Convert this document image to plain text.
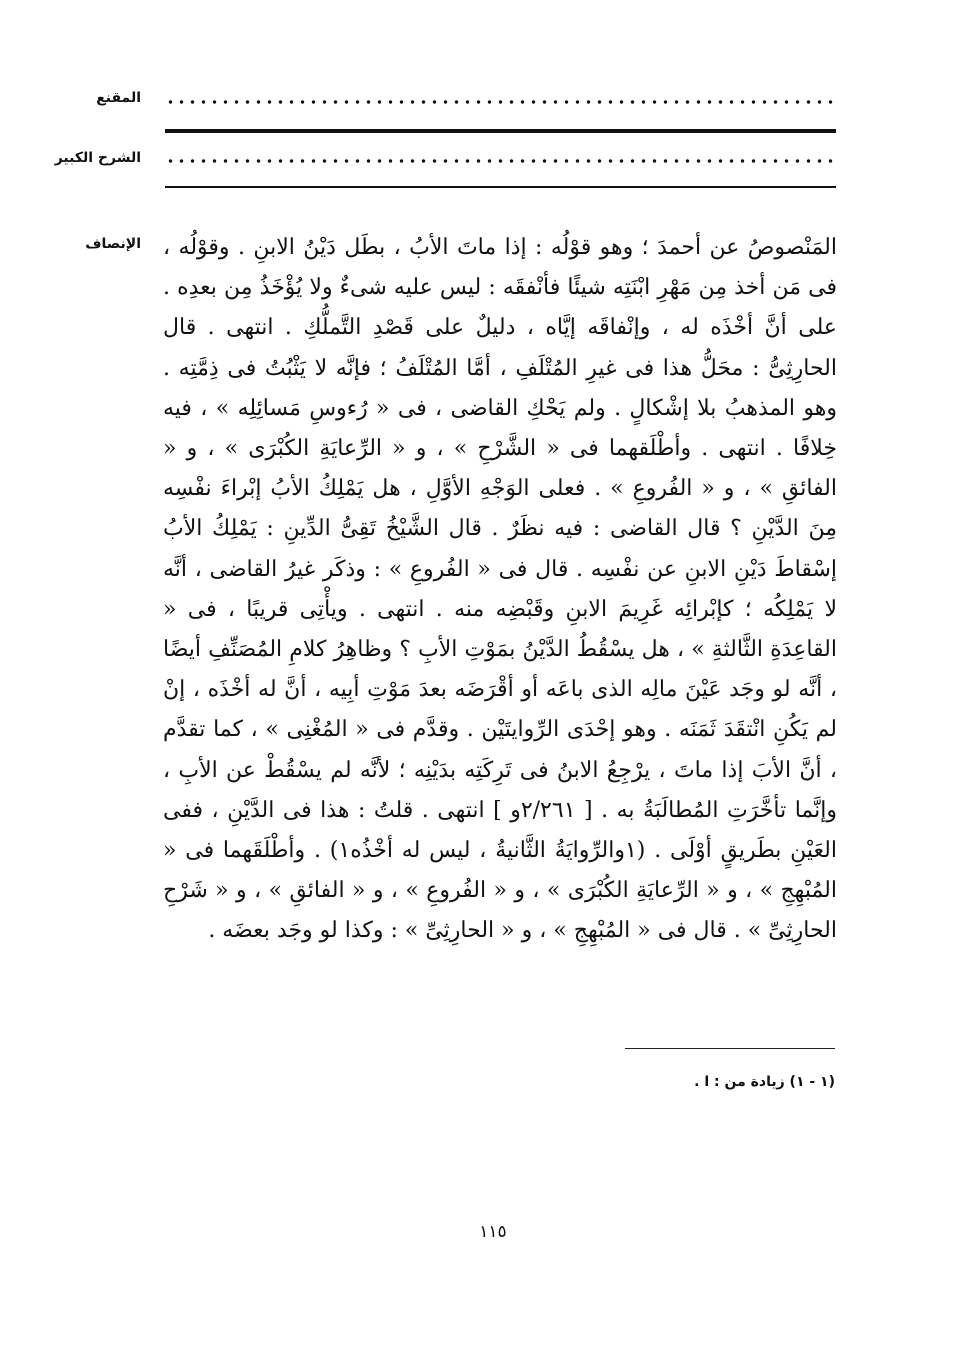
المقنع
الشرح الكبير
الإنصاف المَنْصوصُ عن أحمدَ ؛ وهو قوْلُه : إذا ماتَ الأبُ ، بطَل دَيْنُ الابنِ . وقوْلُه ، فى مَن أخذ مِن مَهْرِ ابْنَتِه شيئًا فأنْفقَه : ليس عليه شىءٌ ولا يُؤْخَذُ مِن بعدِه . على أنَّ أخْذَه له ، وإنْفاقَه إيَّاه ، دليلٌ على قَصْدِ التَّملُّكِ . انتهى . قال الحارِثِىُّ : محَلُّ هذا فى غيرِ المُتْلَفِ ، أمَّا المُتْلَفُ ؛ فإنَّه لا يَثْبُتُ فى ذِمَّتِه . وهو المذهبُ بلا إشْكالٍ . ولم يَحْكِ القاضى ، فى « رُءوسِ مَسائِلِه » ، فيه خِلافًا . انتهى . وأطْلَقهما فى « الشَّرْحِ » ، و « الرِّعايَةِ الكُبْرَى » ، و « الفائقِ » ، و « الفُروعِ » . فعلى الوَجْهِ الأوَّلِ ، هل يَمْلِكُ الأبُ إبْراءَ نفْسِه مِنَ الدَّيْنِ ؟ قال القاضى : فيه نظَرٌ . قال الشَّيْخُ تَقِىُّ الدِّينِ : يَمْلِكُ الأبُ إسْقاطَ دَيْنِ الابنِ عن نفْسِه . قال فى « الفُروعِ » : وذكَر غيرُ القاضى ، أنَّه لا يَمْلِكُه ؛ كإبْرائِه غَرِيمَ الابنِ وقَبْضِه منه . انتهى . ويأْتِى قريبًا ، فى « القاعِدَةِ الثَّالثةِ » ، هل يسْقُطُ الدَّيْنُ بمَوْتِ الأبِ ؟ وظاهِرُ كلامِ المُصَنِّفِ أيضًا ، أنَّه لو وجَد عَيْنَ مالِه الذى باعَه أو أقْرَضَه بعدَ مَوْتِ أبِيه ، أنَّ له أخْذَه ، إنْ لم يَكُنِ انْتقَدَ ثَمَنَه . وهو إحْدَى الرِّوايتَيْن . وقدَّم فى « المُغْنِى » ، كما تقدَّم ، أنَّ الأبَ إذا ماتَ ، يرْجِعُ الابنُ فى تَرِكَتِه بدَيْنِه ؛ لأنَّه لم يسْقُطْ عن الأبِ ، وإنَّما تأخَّرَتِ المُطالَبَةُ به . [ ٢/٢٦١و ] انتهى . قلتُ : هذا فى الدَّيْنِ ، ففى العَيْنِ بطَريقٍ أوْلَى . (١والرِّوايَةُ الثَّانيةُ ، ليس له أخْذُه١) . وأطْلَقَهما فى « المُبْهِجِ » ، و « الرِّعايَةِ الكُبْرَى » ، و « الفُروعِ » ، و « الفائقِ » ، و « شَرْحِ الحارِثِىِّ » . قال فى « المُبْهِجِ » ، و « الحارِثِىِّ » : وكذا لو وجَد بعضَه .

(١ - ١) زيادة من : ا .
١١٥
